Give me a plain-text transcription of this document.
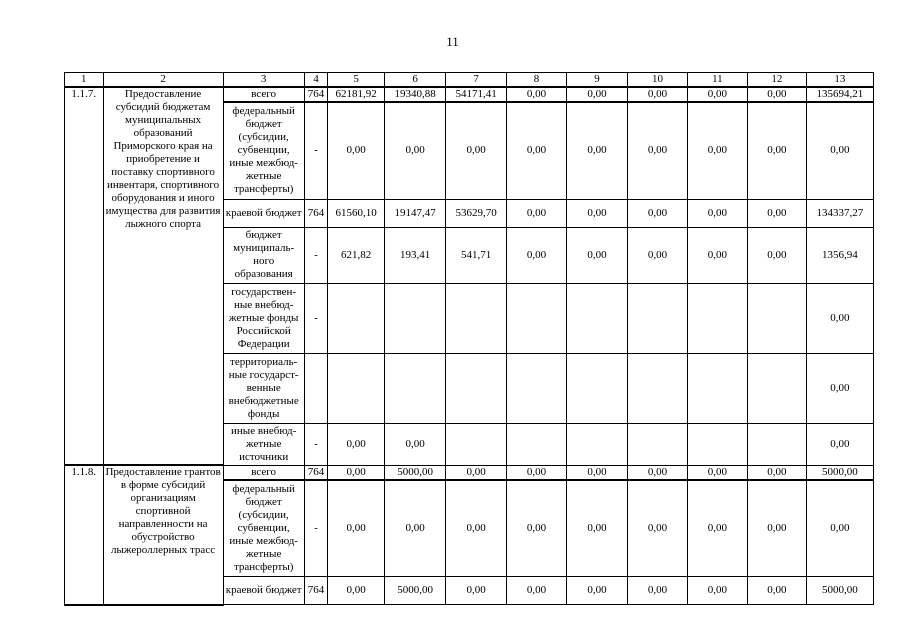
11
1	2	3	4	5	6	7	8	9	10	11	12	13
1.1.7.	Предоставление субсидий бюджетам муниципальных образований Приморского края на приобретение и поставку спортивного инвентаря, спортивного оборудования и иного имущества для развития лыжного спорта	всего	764	62181,92	19340,88	54171,41	0,00	0,00	0,00	0,00	0,00	135694,21
		федеральный бюджет (субсидии, субвенции, иные межбюд-жетные трансферты)	-	0,00	0,00	0,00	0,00	0,00	0,00	0,00	0,00	0,00
		краевой бюджет	764	61560,10	19147,47	53629,70	0,00	0,00	0,00	0,00	0,00	134337,27
		бюджет муниципаль-ного образования	-	621,82	193,41	541,71	0,00	0,00	0,00	0,00	0,00	1356,94
		государствен-ные внебюд-жетные фонды Российской Федерации	-									0,00
		территориаль-ные государст-венные внебюджетные фонды										0,00
		иные внебюд-жетные источники	-	0,00	0,00							0,00
1.1.8.	Предоставление грантов в форме субсидий организациям спортивной направленности на обустройство лыжероллерных трасс	всего	764	0,00	5000,00	0,00	0,00	0,00	0,00	0,00	0,00	5000,00
		федеральный бюджет (субсидии, субвенции, иные межбюд-жетные трансферты)	-	0,00	0,00	0,00	0,00	0,00	0,00	0,00	0,00	0,00
		краевой бюджет	764	0,00	5000,00	0,00	0,00	0,00	0,00	0,00	0,00	5000,00
